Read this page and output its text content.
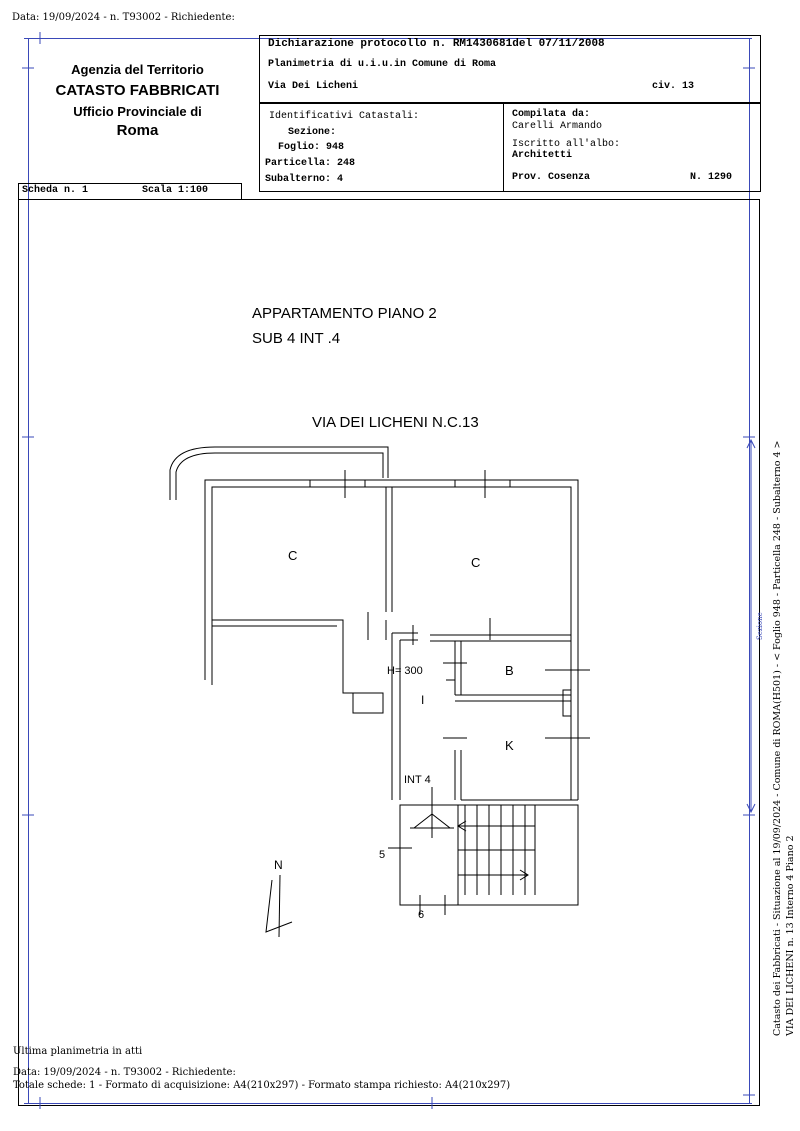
Data: 19/09/2024 - n. T93002 - Richiedente:
Agenzia del Territorio
CATASTO FABBRICATI
Ufficio Provinciale di
Roma
Dichiarazione protocollo n. RM1430681del 07/11/2008
Planimetria di u.i.u.in Comune di Roma
Via Dei Licheni	civ. 13
Identificativi Catastali:
Sezione:
Foglio: 948
Particella: 248
Subalterno: 4
Compilata da:
Carelli Armando
Iscritto all'albo:
Architetti
Prov. Cosenza	N. 1290
Scheda n. 1	Scala 1:100
APPARTAMENTO PIANO 2
SUB 4 INT .4
VIA DEI LICHENI N.C.13
C	C
B
K
I
H= 300
INT 4
5
6
N	Catasto dei Fabbricati - Situazione al 19/09/2024 - Comune di ROMA(H501) - < Foglio 948 - Particella 248 - Subalterno 4 > VIA DEI LICHENI n. 13 Interno 4 Piano 2
Sezione
Ultima planimetria in atti
Data: 19/09/2024 - n. T93002 - Richiedente:
Totale schede: 1 - Formato di acquisizione: A4(210x297) - Formato stampa richiesto: A4(210x297)
